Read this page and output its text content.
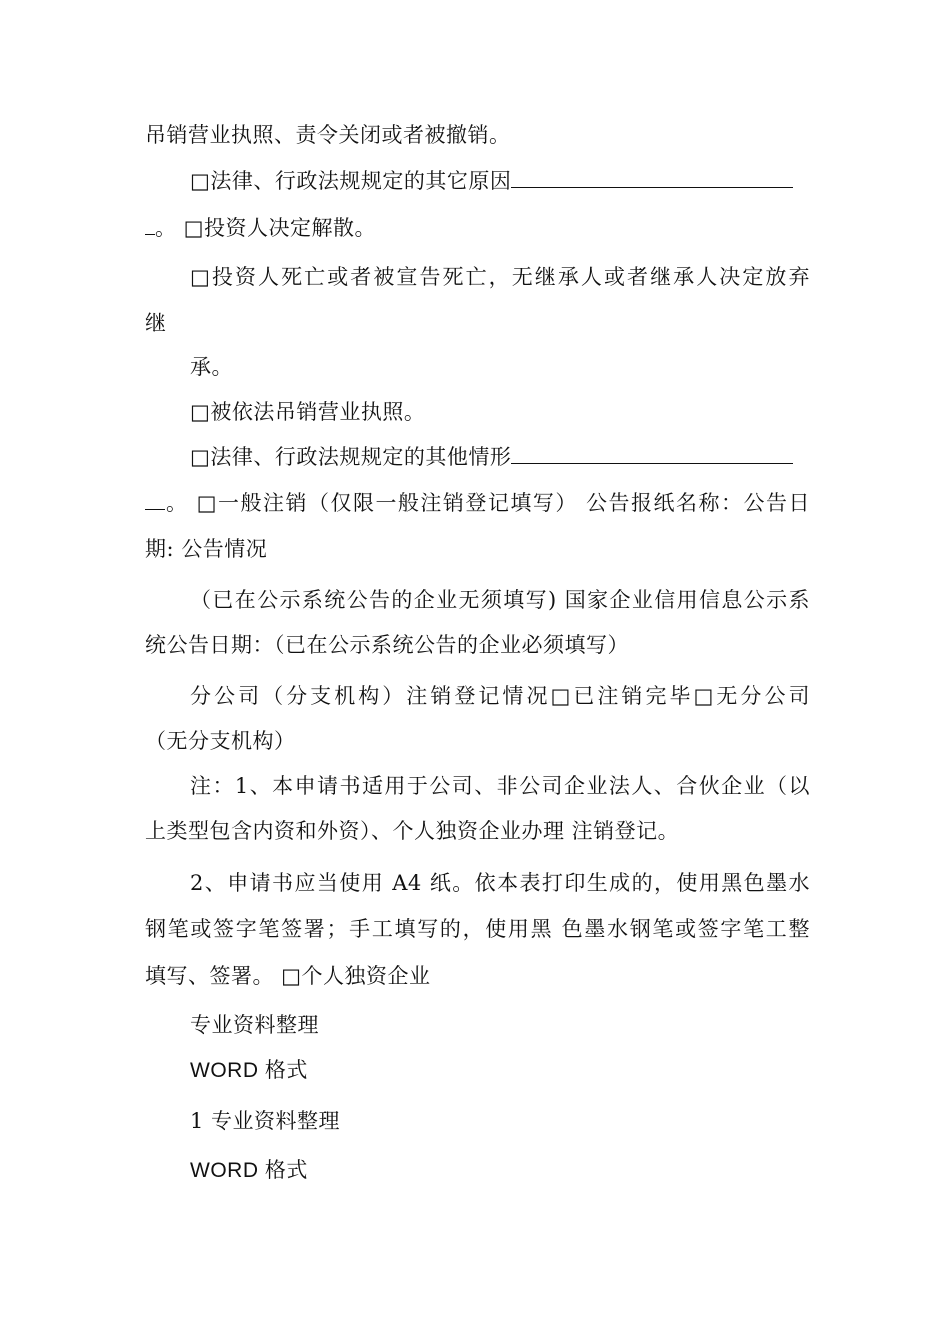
吊销营业执照、责令关闭或者被撤销。
□法律、行政法规规定的其它原因
。 □投资人决定解散。
□投资人死亡或者被宣告死亡，无继承人或者继承人决定放弃
继
承。
□被依法吊销营业执照。
□法律、行政法规规定的其他情形
。 □一般注销（仅限一般注销登记填写） 公告报纸名称：公告日
期: 公告情况
（已在公示系统公告的企业无须填写) 国家企业信用信息公示系
统公告日期：（已在公示系统公告的企业必须填写）
分公司（分支机构）注销登记情况□已注销完毕□无分公司
（无分支机构）
注：1、本申请书适用于公司、非公司企业法人、合伙企业（以
上类型包含内资和外资）、个人独资企业办理 注销登记。
2、申请书应当使用 A4 纸。依本表打印生成的，使用黑色墨水
钢笔或签字笔签署；手工填写的，使用黑 色墨水钢笔或签字笔工整
填写、签署。 □个人独资企业
专业资料整理
WORD 格式
1 专业资料整理
WORD 格式
